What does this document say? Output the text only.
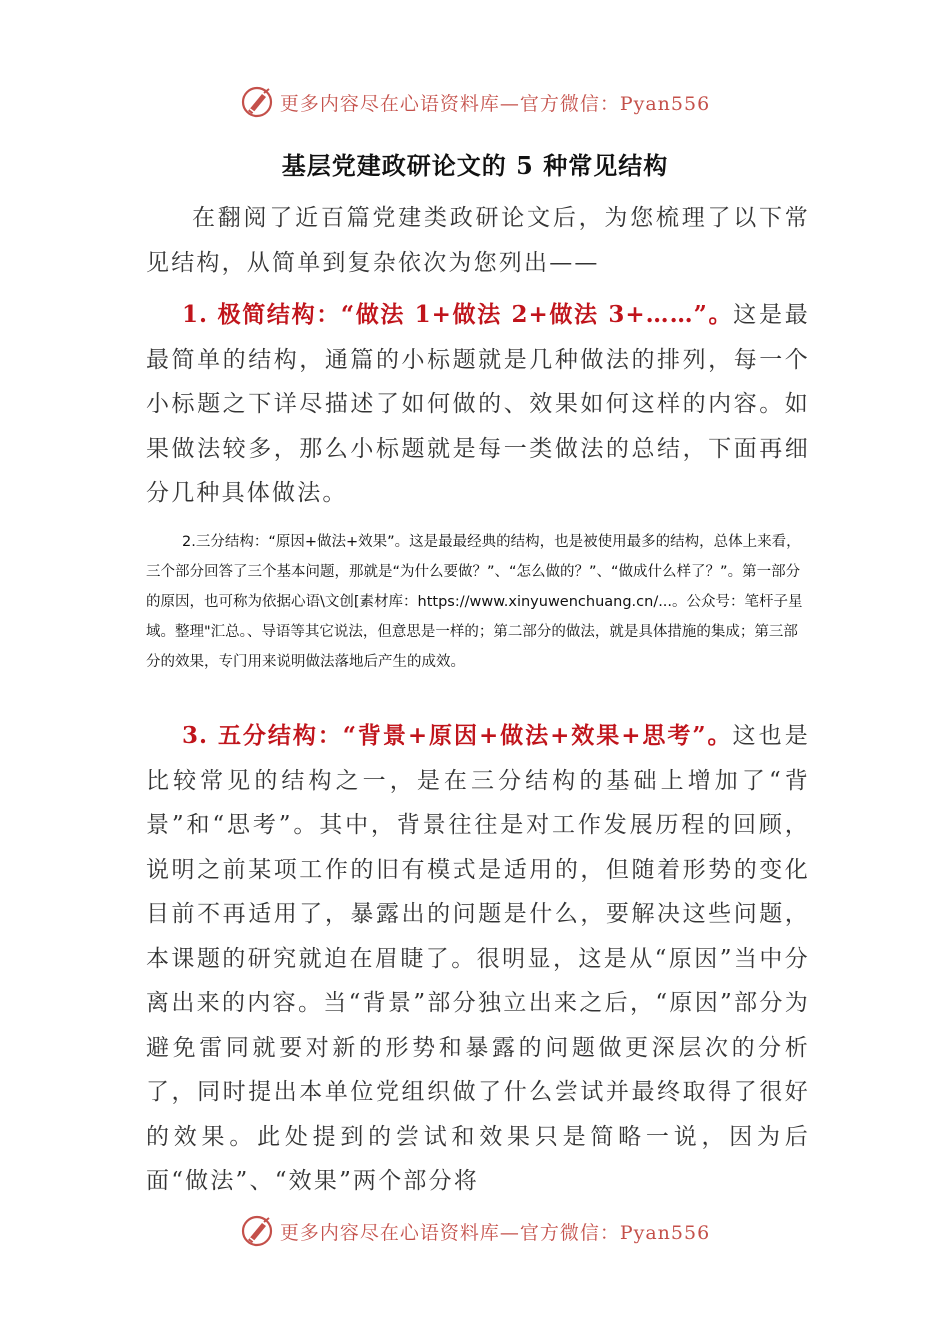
更多内容尽在心语资料库—官方微信：Pyan556
基层党建政研论文的 5 种常见结构

在翻阅了近百篇党建类政研论文后，为您梳理了以下常见结构，从简单到复杂依次为您列出——

1. 极简结构：“做法 1+做法 2+做法 3+……”。这是最最简单的结构，通篇的小标题就是几种做法的排列，每一个小标题之下详尽描述了如何做的、效果如何这样的内容。如果做法较多，那么小标题就是每一类做法的总结，下面再细分几种具体做法。

2.三分结构：“原因+做法+效果”。这是最最经典的结构，也是被使用最多的结构，总体上来看，三个部分回答了三个基本问题，那就是“为什么要做？”、“怎么做的？”、“做成什么样了？”。第一部分的原因，也可称为依据心语\文创[素材库：https://www.xinyuwenchuang.cn/...。公众号：笔杆子星域。整理"汇总。、导语等其它说法，但意思是一样的；第二部分的做法，就是具体措施的集成；第三部分的效果，专门用来说明做法落地后产生的成效。

3. 五分结构：“背景+原因+做法+效果+思考”。这也是比较常见的结构之一，是在三分结构的基础上增加了“背景”和“思考”。其中，背景往往是对工作发展历程的回顾，说明之前某项工作的旧有模式是适用的，但随着形势的变化目前不再适用了，暴露出的问题是什么，要解决这些问题，本课题的研究就迫在眉睫了。很明显，这是从“原因”当中分离出来的内容。当“背景”部分独立出来之后，“原因”部分为避免雷同就要对新的形势和暴露的问题做更深层次的分析了，同时提出本单位党组织做了什么尝试并最终取得了很好的效果。此处提到的尝试和效果只是简略一说，因为后面“做法”、“效果”两个部分将

更多内容尽在心语资料库—官方微信：Pyan556
